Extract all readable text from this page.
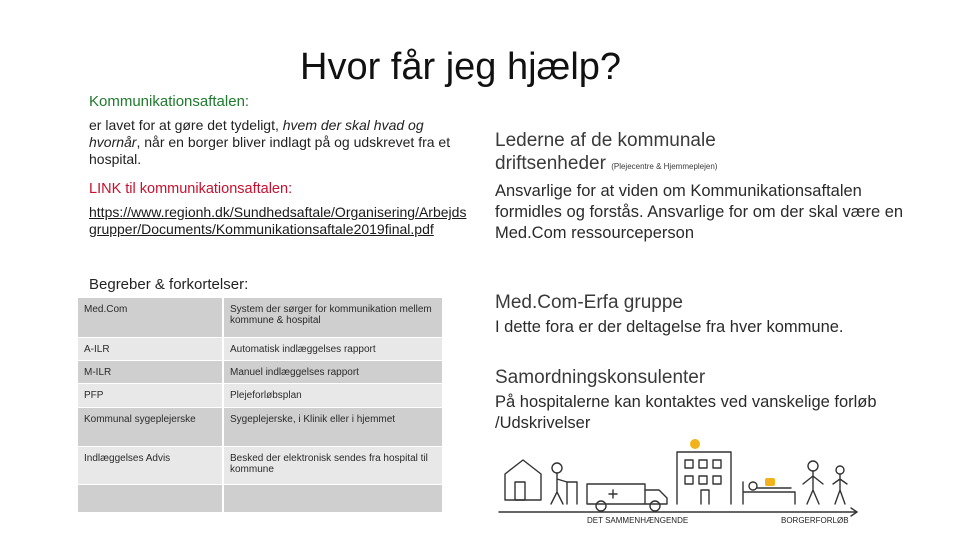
Hvor får jeg hjælp?
Kommunikationsaftalen:
er lavet for at gøre det tydeligt, hvem der skal hvad og hvornår, når en borger bliver indlagt på og udskrevet fra et hospital.
LINK til kommunikationsaftalen:
https://www.regionh.dk/Sundhedsaftale/Organisering/Arbejdsgrupper/Documents/Kommunikationsaftale2019final.pdf
Begreber & forkortelser:
Med.Com	System der sørger for kommunikation mellem kommune & hospital
A-ILR	Automatisk indlæggelses rapport
M-ILR	Manuel indlæggelses rapport
PFP	Plejeforløbsplan
Kommunal sygeplejerske	Sygeplejerske, i Klinik eller i hjemmet
Indlæggelses Advis	Besked der elektronisk sendes fra hospital til kommune

Lederne af de kommunale
driftsenheder (Plejecentre & Hjemmeplejen)
Ansvarlige for at viden om Kommunikationsaftalen formidles og forstås. Ansvarlige for om der skal være en Med.Com ressourceperson
Med.Com-Erfa gruppe
I dette fora er der deltagelse fra hver kommune.
Samordningskonsulenter
På hospitalerne kan kontaktes ved vanskelige forløb /Udskrivelser
DET SAMMENHÆNGENDE	BORGERFORLØB
